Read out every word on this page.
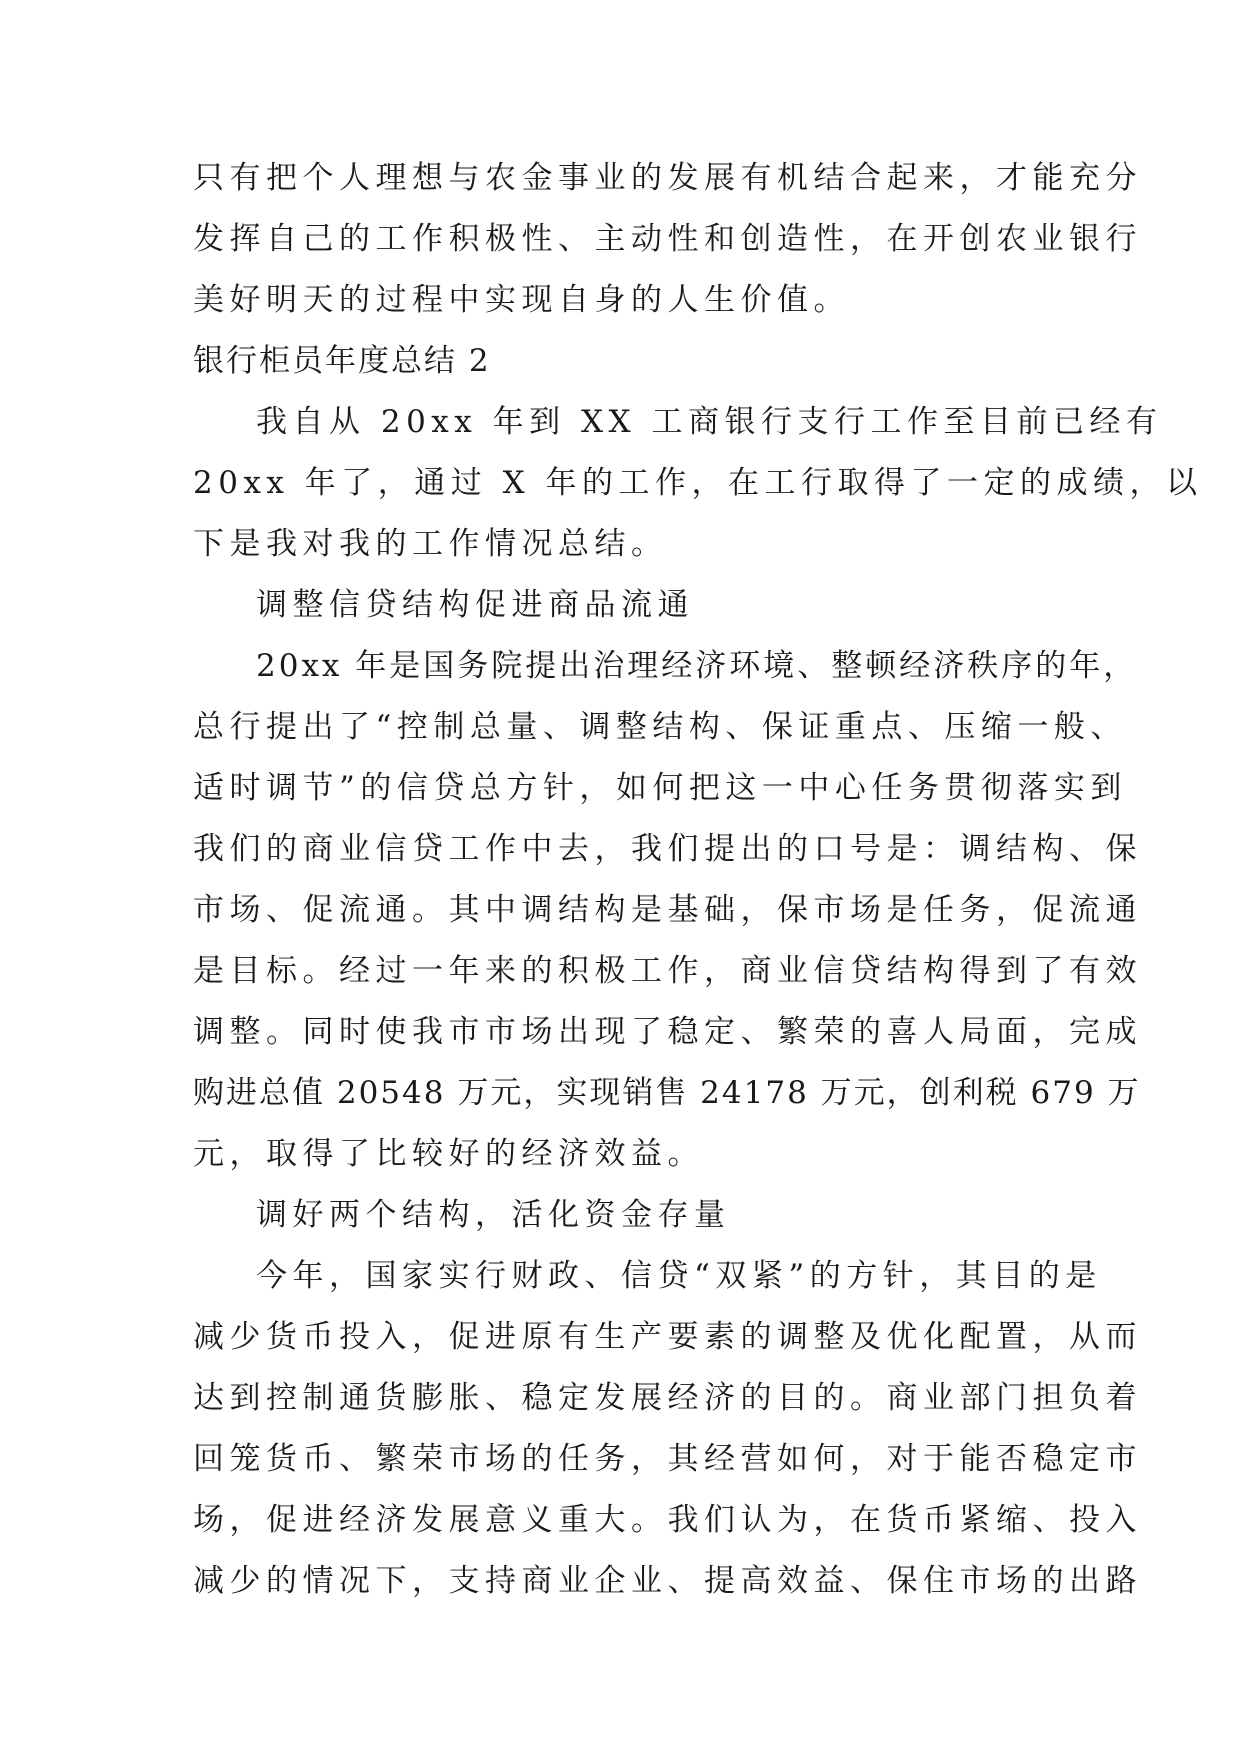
只有把个人理想与农金事业的发展有机结合起来，才能充分
发挥自己的工作积极性、主动性和创造性，在开创农业银行
美好明天的过程中实现自身的人生价值。
银行柜员年度总结 2
我自从 20xx 年到 XX 工商银行支行工作至目前已经有
20xx 年了，通过 X 年的工作，在工行取得了一定的成绩，以
下是我对我的工作情况总结。
调整信贷结构促进商品流通
20xx 年是国务院提出治理经济环境、整顿经济秩序的年，
总行提出了“控制总量、调整结构、保证重点、压缩一般、
适时调节”的信贷总方针，如何把这一中心任务贯彻落实到
我们的商业信贷工作中去，我们提出的口号是：调结构、保
市场、促流通。其中调结构是基础，保市场是任务，促流通
是目标。经过一年来的积极工作，商业信贷结构得到了有效
调整。同时使我市市场出现了稳定、繁荣的喜人局面，完成
购进总值 20548 万元，实现销售 24178 万元，创利税 679 万
元，取得了比较好的经济效益。
调好两个结构，活化资金存量
今年，国家实行财政、信贷“双紧”的方针，其目的是
减少货币投入，促进原有生产要素的调整及优化配置，从而
达到控制通货膨胀、稳定发展经济的目的。商业部门担负着
回笼货币、繁荣市场的任务，其经营如何，对于能否稳定市
场，促进经济发展意义重大。我们认为，在货币紧缩、投入
减少的情况下，支持商业企业、提高效益、保住市场的出路
